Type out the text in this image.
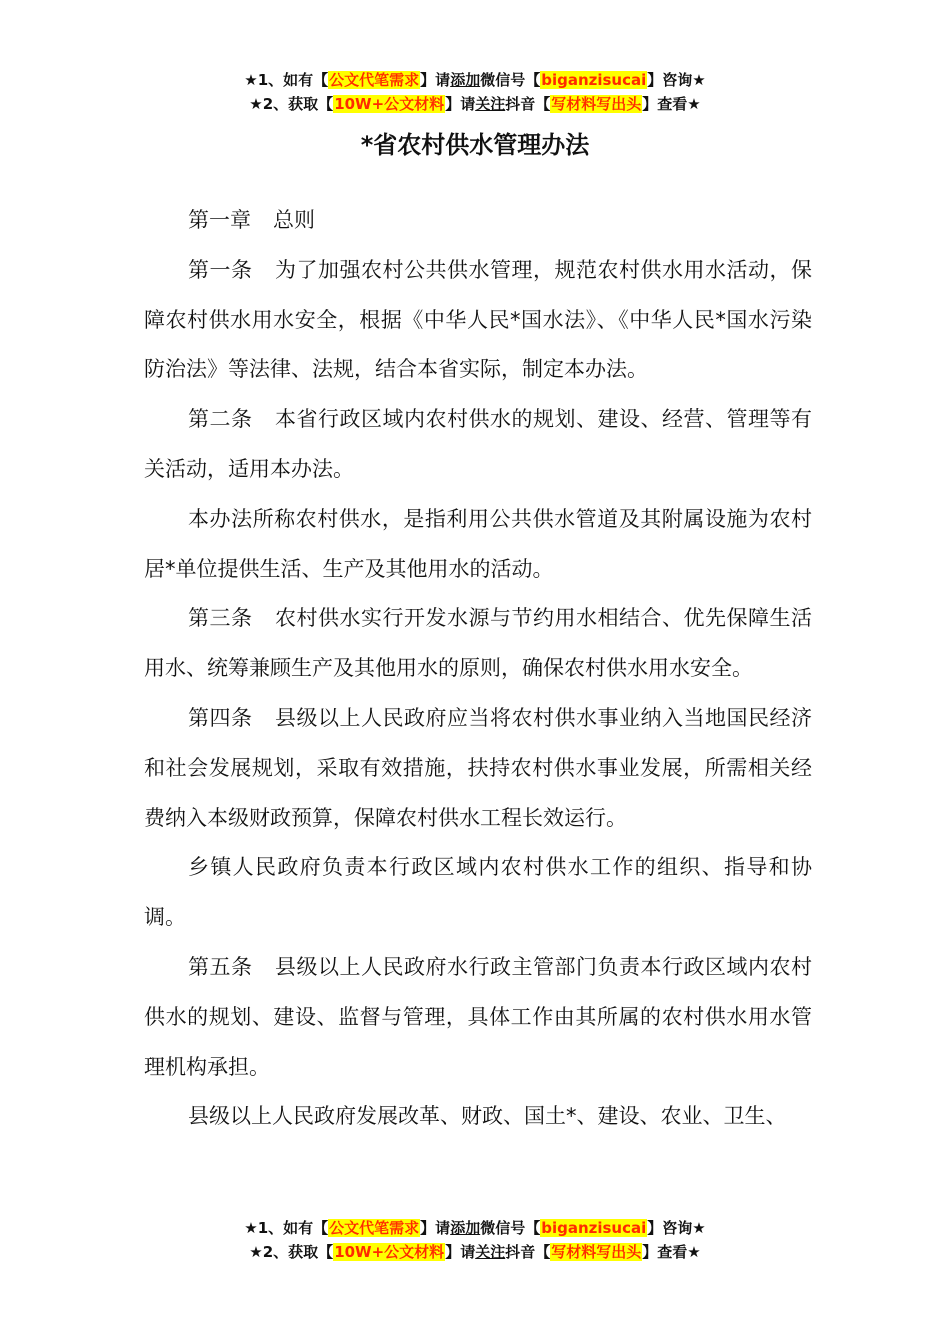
★1、如有【公文代笔需求】请添加微信号【biganzisucai】咨询★
★2、获取【10W+公文材料】请关注抖音【写材料写出头】查看★
*省农村供水管理办法

第一章 总则

第一条 为了加强农村公共供水管理，规范农村供水用水活动，保障农村供水用水安全，根据《中华人民*国水法》、《中华人民*国水污染防治法》等法律、法规，结合本省实际，制定本办法。

第二条 本省行政区域内农村供水的规划、建设、经营、管理等有关活动，适用本办法。

本办法所称农村供水，是指利用公共供水管道及其附属设施为农村居*单位提供生活、生产及其他用水的活动。

第三条 农村供水实行开发水源与节约用水相结合、优先保障生活用水、统筹兼顾生产及其他用水的原则，确保农村供水用水安全。

第四条 县级以上人民政府应当将农村供水事业纳入当地国民经济和社会发展规划，采取有效措施，扶持农村供水事业发展，所需相关经费纳入本级财政预算，保障农村供水工程长效运行。

乡镇人民政府负责本行政区域内农村供水工作的组织、指导和协调。

第五条 县级以上人民政府水行政主管部门负责本行政区域内农村供水的规划、建设、监督与管理，具体工作由其所属的农村供水用水管理机构承担。

县级以上人民政府发展改革、财政、国土*、建设、农业、卫生、

★1、如有【公文代笔需求】请添加微信号【biganzisucai】咨询★
★2、获取【10W+公文材料】请关注抖音【写材料写出头】查看★
